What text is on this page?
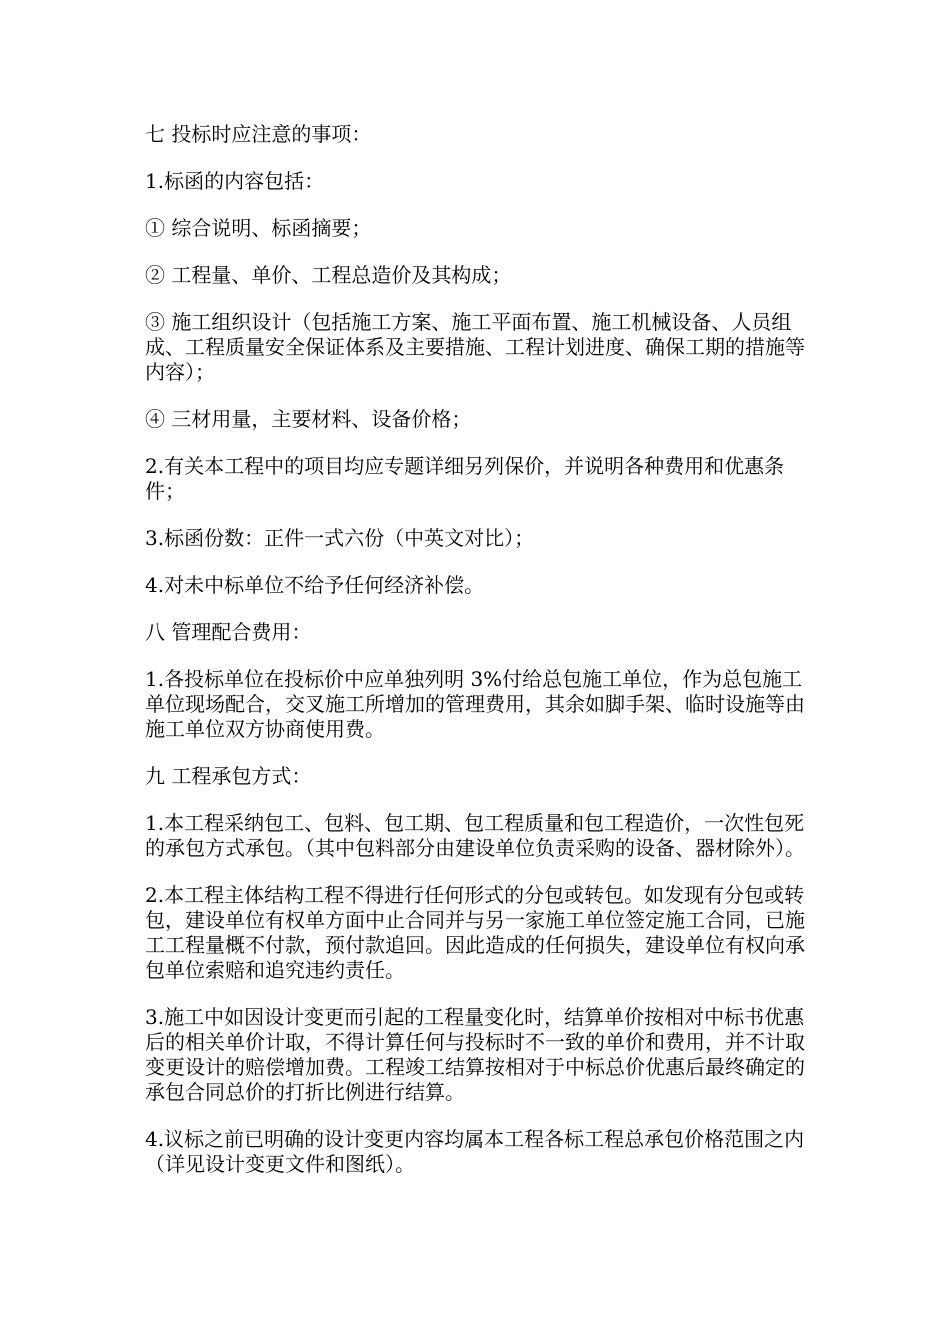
七 投标时应注意的事项：

1.标函的内容包括：

① 综合说明、标函摘要；

② 工程量、单价、工程总造价及其构成；

③ 施工组织设计（包括施工方案、施工平面布置、施工机械设备、人员组成、工程质量安全保证体系及主要措施、工程计划进度、确保工期的措施等内容）；

④ 三材用量，主要材料、设备价格；

2.有关本工程中的项目均应专题详细另列保价，并说明各种费用和优惠条件；

3.标函份数：正件一式六份（中英文对比）；

4.对未中标单位不给予任何经济补偿。

八 管理配合费用：

1.各投标单位在投标价中应单独列明 3%付给总包施工单位，作为总包施工单位现场配合，交叉施工所增加的管理费用，其余如脚手架、临时设施等由施工单位双方协商使用费。

九 工程承包方式：

1.本工程采纳包工、包料、包工期、包工程质量和包工程造价，一次性包死的承包方式承包。（其中包料部分由建设单位负责采购的设备、器材除外）。

2.本工程主体结构工程不得进行任何形式的分包或转包。如发现有分包或转包，建设单位有权单方面中止合同并与另一家施工单位签定施工合同，已施工工程量概不付款，预付款追回。因此造成的任何损失，建设单位有权向承包单位索赔和追究违约责任。

3.施工中如因设计变更而引起的工程量变化时，结算单价按相对中标书优惠后的相关单价计取，不得计算任何与投标时不一致的单价和费用，并不计取变更设计的赔偿增加费。工程竣工结算按相对于中标总价优惠后最终确定的承包合同总价的打折比例进行结算。

4.议标之前已明确的设计变更内容均属本工程各标工程总承包价格范围之内（详见设计变更文件和图纸）。
